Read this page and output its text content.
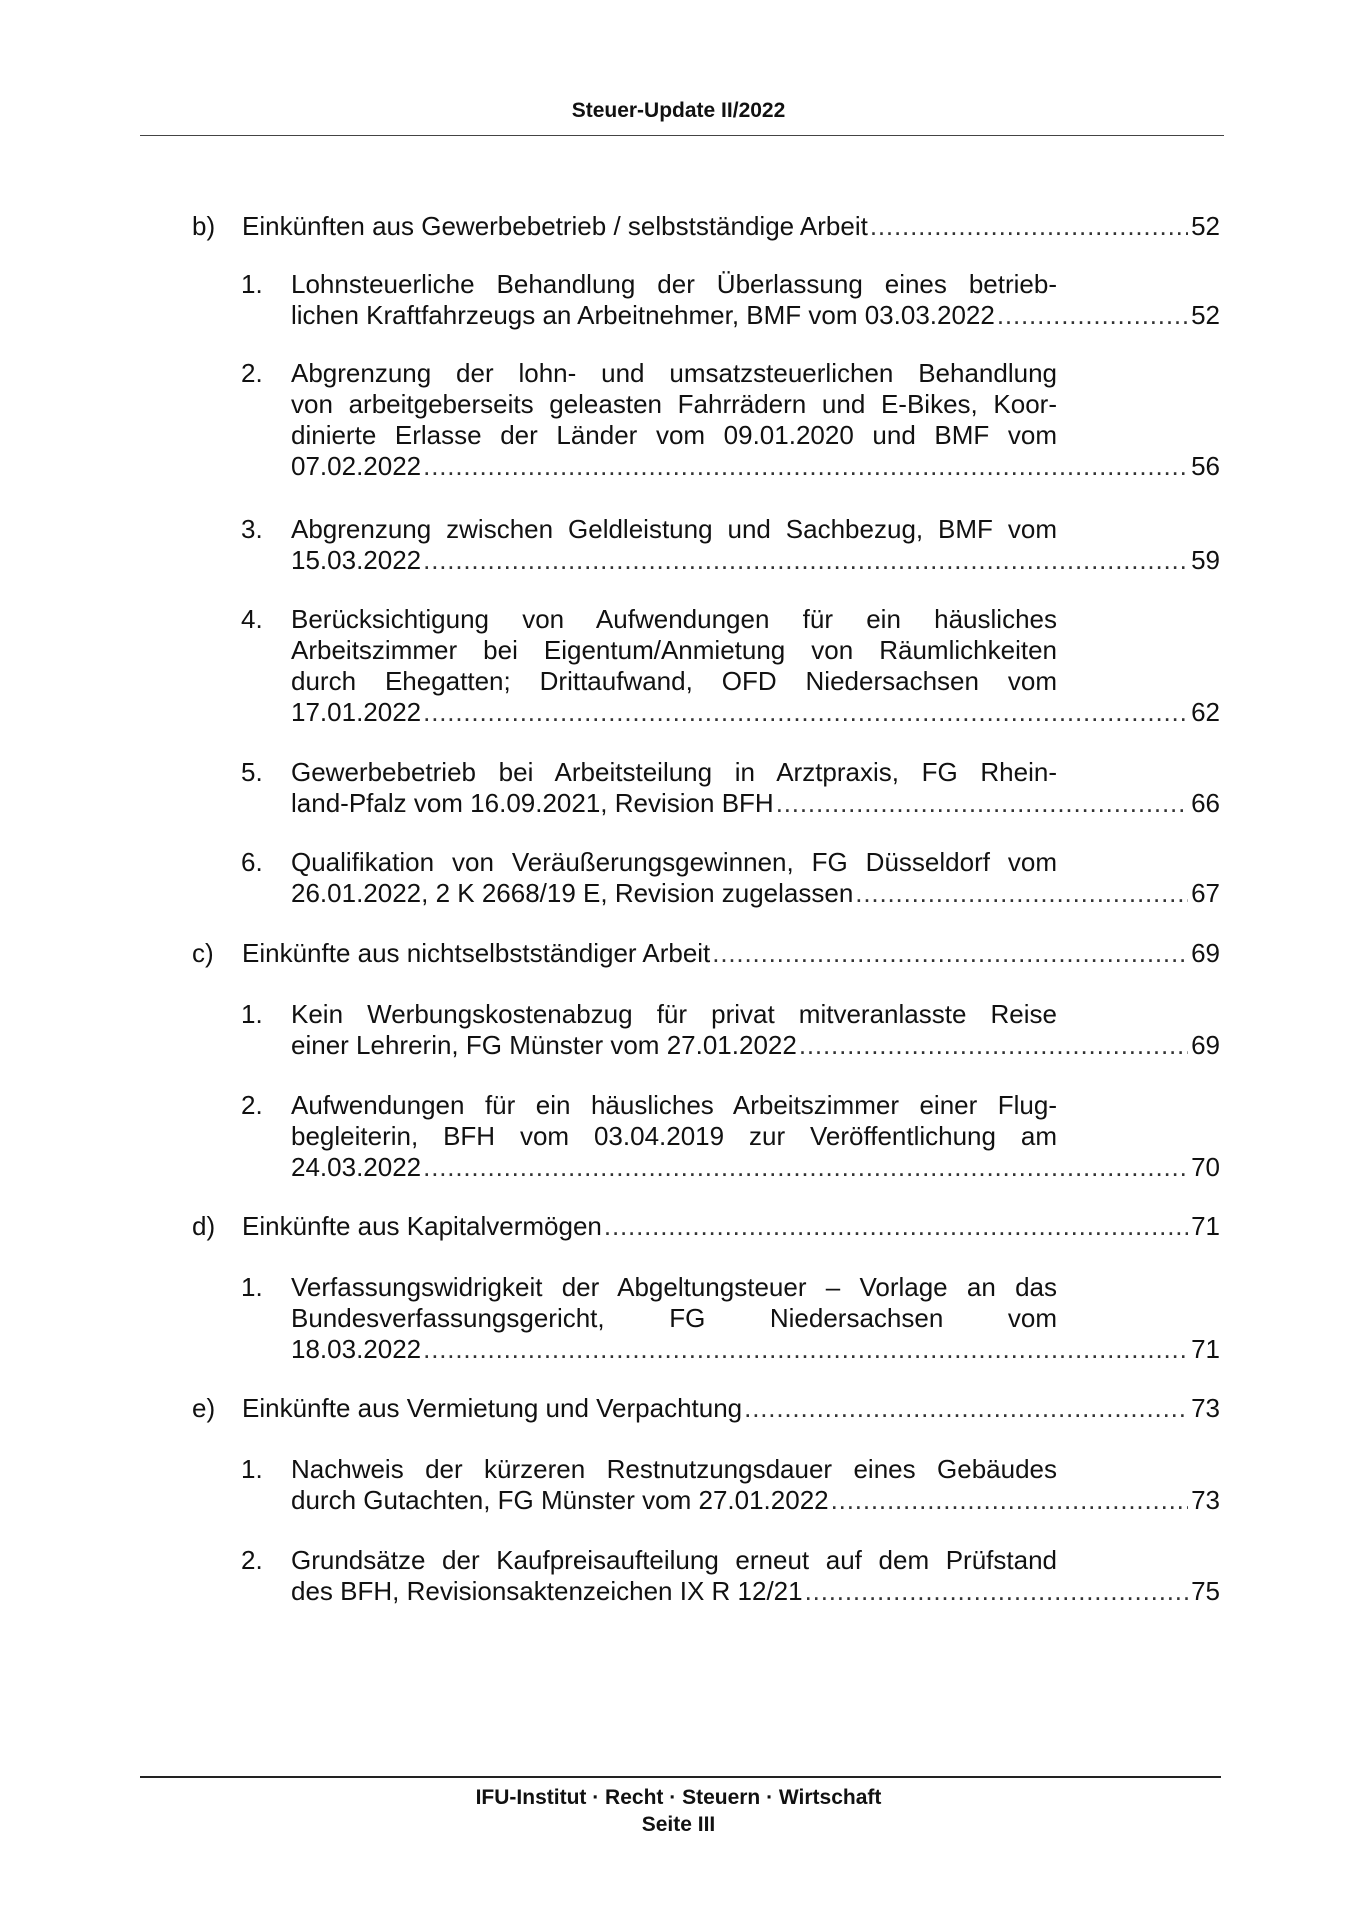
Steuer-Update II/2022
b)	Einkünften aus Gewerbebetrieb / selbstständige Arbeit . . .	52
1.	Lohnsteuerliche Behandlung der Überlassung eines betrieb-
lichen Kraftfahrzeugs an Arbeitnehmer, BMF vom 03.03.2022 . . .	52
2.	Abgrenzung der lohn- und umsatzsteuerlichen Behandlung
von arbeitgeberseits geleasten Fahrrädern und E-Bikes, Koor-
dinierte Erlasse der Länder vom 09.01.2020 und BMF vom
07.02.2022 . . .	56
3.	Abgrenzung zwischen Geldleistung und Sachbezug, BMF vom
15.03.2022 . . .	59
4.	Berücksichtigung von Aufwendungen für ein häusliches
Arbeitszimmer bei Eigentum/Anmietung von Räumlichkeiten
durch Ehegatten; Drittaufwand, OFD Niedersachsen vom
17.01.2022 . . .	62
5.	Gewerbebetrieb bei Arbeitsteilung in Arztpraxis, FG Rhein-
land-Pfalz vom 16.09.2021, Revision BFH . . .	66
6.	Qualifikation von Veräußerungsgewinnen, FG Düsseldorf vom
26.01.2022, 2 K 2668/19 E, Revision zugelassen . . .	67
c)	Einkünfte aus nichtselbstständiger Arbeit . . .	69
1.	Kein Werbungskostenabzug für privat mitveranlasste Reise
einer Lehrerin, FG Münster vom 27.01.2022 . . .	69
2.	Aufwendungen für ein häusliches Arbeitszimmer einer Flug-
begleiterin, BFH vom 03.04.2019 zur Veröffentlichung am
24.03.2022 . . .	70
d)	Einkünfte aus Kapitalvermögen . . .	71
1.	Verfassungswidrigkeit der Abgeltungsteuer – Vorlage an das
Bundesverfassungsgericht, FG Niedersachsen vom
18.03.2022 . . .	71
e)	Einkünfte aus Vermietung und Verpachtung . . .	73
1.	Nachweis der kürzeren Restnutzungsdauer eines Gebäudes
durch Gutachten, FG Münster vom 27.01.2022 . . .	73
2.	Grundsätze der Kaufpreisaufteilung erneut auf dem Prüfstand
des BFH, Revisionsaktenzeichen IX R 12/21 . . .	75
IFU-Institut · Recht · Steuern · Wirtschaft
Seite III
